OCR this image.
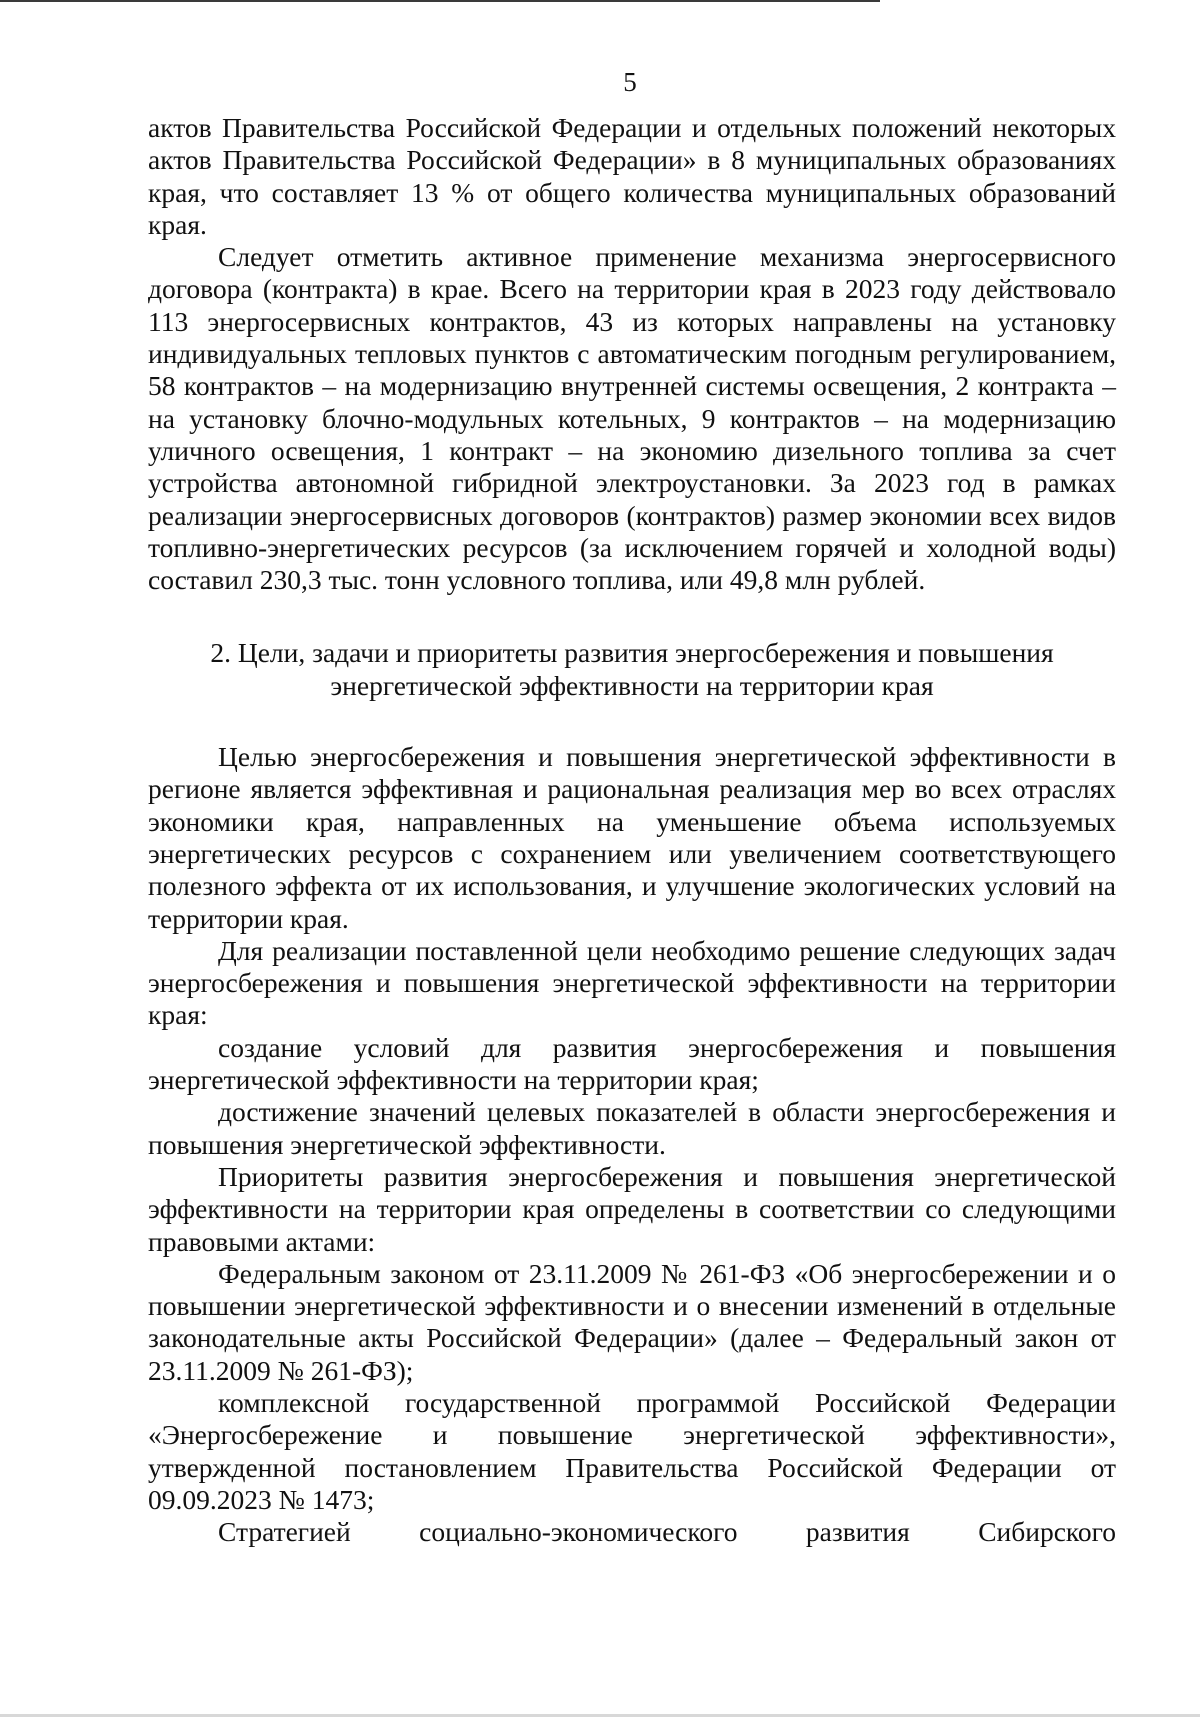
5

актов Правительства Российской Федерации и отдельных положений некоторых актов Правительства Российской Федерации» в 8 муниципальных образованиях края, что составляет 13 % от общего количества муниципальных образований края.

Следует отметить активное применение механизма энергосервисного договора (контракта) в крае. Всего на территории края в 2023 году действовало 113 энергосервисных контрактов, 43 из которых направлены на установку индивидуальных тепловых пунктов с автоматическим погодным регулированием, 58 контрактов – на модернизацию внутренней системы освещения, 2 контракта – на установку блочно-модульных котельных, 9 контрактов – на модернизацию уличного освещения, 1 контракт – на экономию дизельного топлива за счет устройства автономной гибридной электроустановки. За 2023 год в рамках реализации энергосервисных договоров (контрактов) размер экономии всех видов топливно-энергетических ресурсов (за исключением горячей и холодной воды) составил 230,3 тыс. тонн условного топлива, или 49,8 млн рублей.

2. Цели, задачи и приоритеты развития энергосбережения и повышения
энергетической эффективности на территории края

Целью энергосбережения и повышения энергетической эффективности в регионе является эффективная и рациональная реализация мер во всех отраслях экономики края, направленных на уменьшение объема используемых энергетических ресурсов с сохранением или увеличением соответствующего полезного эффекта от их использования, и улучшение экологических условий на территории края.

Для реализации поставленной цели необходимо решение следующих задач энергосбережения и повышения энергетической эффективности на территории края:

создание условий для развития энергосбережения и повышения энергетической эффективности на территории края;

достижение значений целевых показателей в области энергосбережения и повышения энергетической эффективности.

Приоритеты развития энергосбережения и повышения энергетической эффективности на территории края определены в соответствии со следующими правовыми актами:

Федеральным законом от 23.11.2009 № 261-ФЗ «Об энергосбережении и о повышении энергетической эффективности и о внесении изменений в отдельные законодательные акты Российской Федерации» (далее – Федеральный закон от 23.11.2009 № 261-ФЗ);

комплексной государственной программой Российской Федерации «Энергосбережение и повышение энергетической эффективности», утвержденной постановлением Правительства Российской Федерации от 09.09.2023 № 1473;

Стратегией социально-экономического развития Сибирского
